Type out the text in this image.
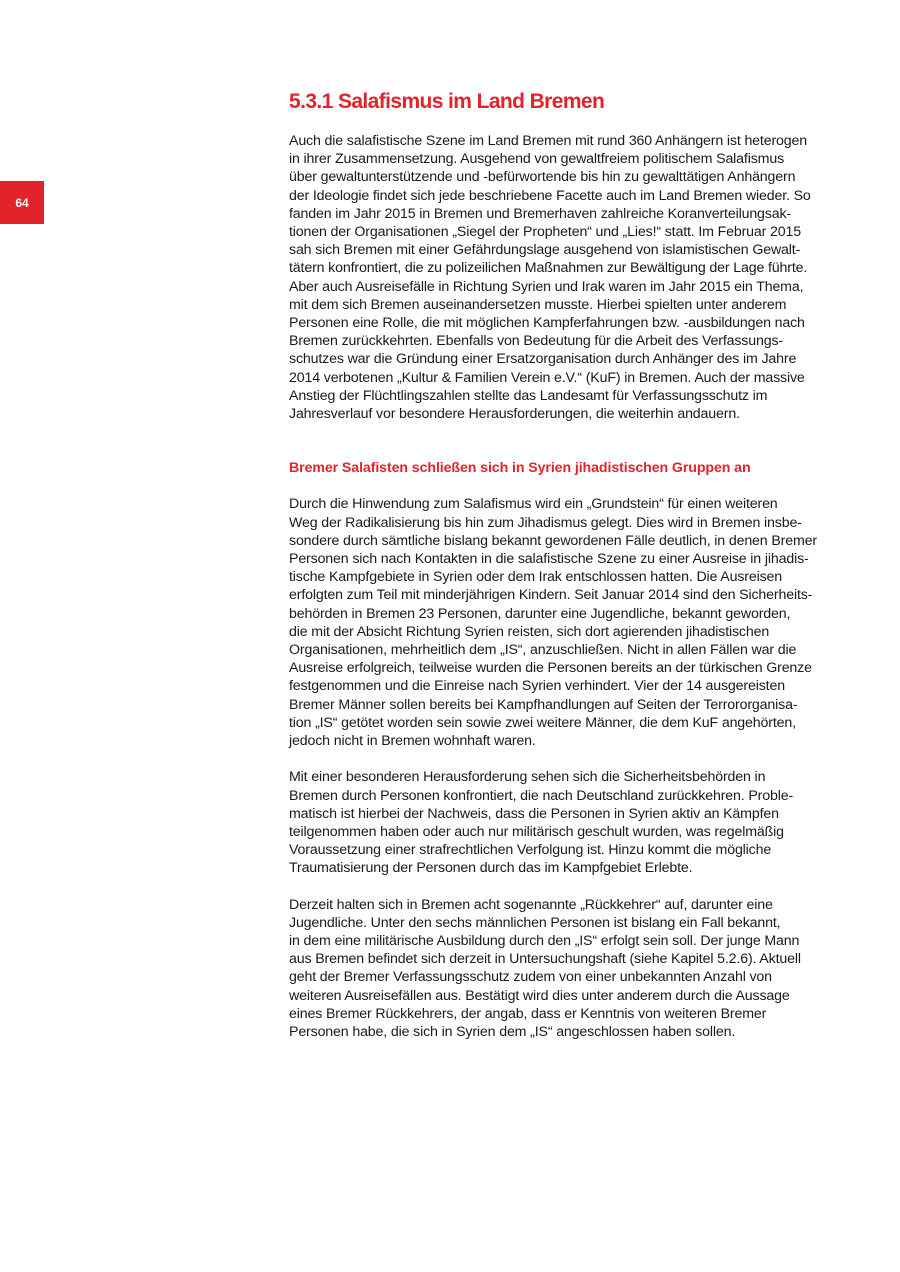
64
5.3.1 Salafismus im Land Bremen

Auch die salafistische Szene im Land Bremen mit rund 360 Anhängern ist heterogen
in ihrer Zusammensetzung. Ausgehend von gewaltfreiem politischem Salafismus
über gewaltunterstützende und -befürwortende bis hin zu gewalttätigen Anhängern
der Ideologie findet sich jede beschriebene Facette auch im Land Bremen wieder. So
fanden im Jahr 2015 in Bremen und Bremerhaven zahlreiche Koranverteilungsak-
tionen der Organisationen „Siegel der Propheten“ und „Lies!“ statt. Im Februar 2015
sah sich Bremen mit einer Gefährdungslage ausgehend von islamistischen Gewalt-
tätern konfrontiert, die zu polizeilichen Maßnahmen zur Bewältigung der Lage führte.
Aber auch Ausreisefälle in Richtung Syrien und Irak waren im Jahr 2015 ein Thema,
mit dem sich Bremen auseinandersetzen musste. Hierbei spielten unter anderem
Personen eine Rolle, die mit möglichen Kampferfahrungen bzw. -ausbildungen nach
Bremen zurückkehrten. Ebenfalls von Bedeutung für die Arbeit des Verfassungs-
schutzes war die Gründung einer Ersatzorganisation durch Anhänger des im Jahre
2014 verbotenen „Kultur & Familien Verein e.V.“ (KuF) in Bremen. Auch der massive
Anstieg der Flüchtlingszahlen stellte das Landesamt für Verfassungsschutz im
Jahresverlauf vor besondere Herausforderungen, die weiterhin andauern.

Bremer Salafisten schließen sich in Syrien jihadistischen Gruppen an

Durch die Hinwendung zum Salafismus wird ein „Grundstein“ für einen weiteren
Weg der Radikalisierung bis hin zum Jihadismus gelegt. Dies wird in Bremen insbe-
sondere durch sämtliche bislang bekannt gewordenen Fälle deutlich, in denen Bremer
Personen sich nach Kontakten in die salafistische Szene zu einer Ausreise in jihadis-
tische Kampfgebiete in Syrien oder dem Irak entschlossen hatten. Die Ausreisen
erfolgten zum Teil mit minderjährigen Kindern. Seit Januar 2014 sind den Sicherheits-
behörden in Bremen 23 Personen, darunter eine Jugendliche, bekannt geworden,
die mit der Absicht Richtung Syrien reisten, sich dort agierenden jihadistischen
Organisationen, mehrheitlich dem „IS“, anzuschließen. Nicht in allen Fällen war die
Ausreise erfolgreich, teilweise wurden die Personen bereits an der türkischen Grenze
festgenommen und die Einreise nach Syrien verhindert. Vier der 14 ausgereisten
Bremer Männer sollen bereits bei Kampfhandlungen auf Seiten der Terrororganisa-
tion „IS“ getötet worden sein sowie zwei weitere Männer, die dem KuF angehörten,
jedoch nicht in Bremen wohnhaft waren.

Mit einer besonderen Herausforderung sehen sich die Sicherheitsbehörden in
Bremen durch Personen konfrontiert, die nach Deutschland zurückkehren. Proble-
matisch ist hierbei der Nachweis, dass die Personen in Syrien aktiv an Kämpfen
teilgenommen haben oder auch nur militärisch geschult wurden, was regelmäßig
Voraussetzung einer strafrechtlichen Verfolgung ist. Hinzu kommt die mögliche
Traumatisierung der Personen durch das im Kampfgebiet Erlebte.

Derzeit halten sich in Bremen acht sogenannte „Rückkehrer“ auf, darunter eine
Jugendliche. Unter den sechs männlichen Personen ist bislang ein Fall bekannt,
in dem eine militärische Ausbildung durch den „IS“ erfolgt sein soll. Der junge Mann
aus Bremen befindet sich derzeit in Untersuchungshaft (siehe Kapitel 5.2.6). Aktuell
geht der Bremer Verfassungsschutz zudem von einer unbekannten Anzahl von
weiteren Ausreisefällen aus. Bestätigt wird dies unter anderem durch die Aussage
eines Bremer Rückkehrers, der angab, dass er Kenntnis von weiteren Bremer
Personen habe, die sich in Syrien dem „IS“ angeschlossen haben sollen.
